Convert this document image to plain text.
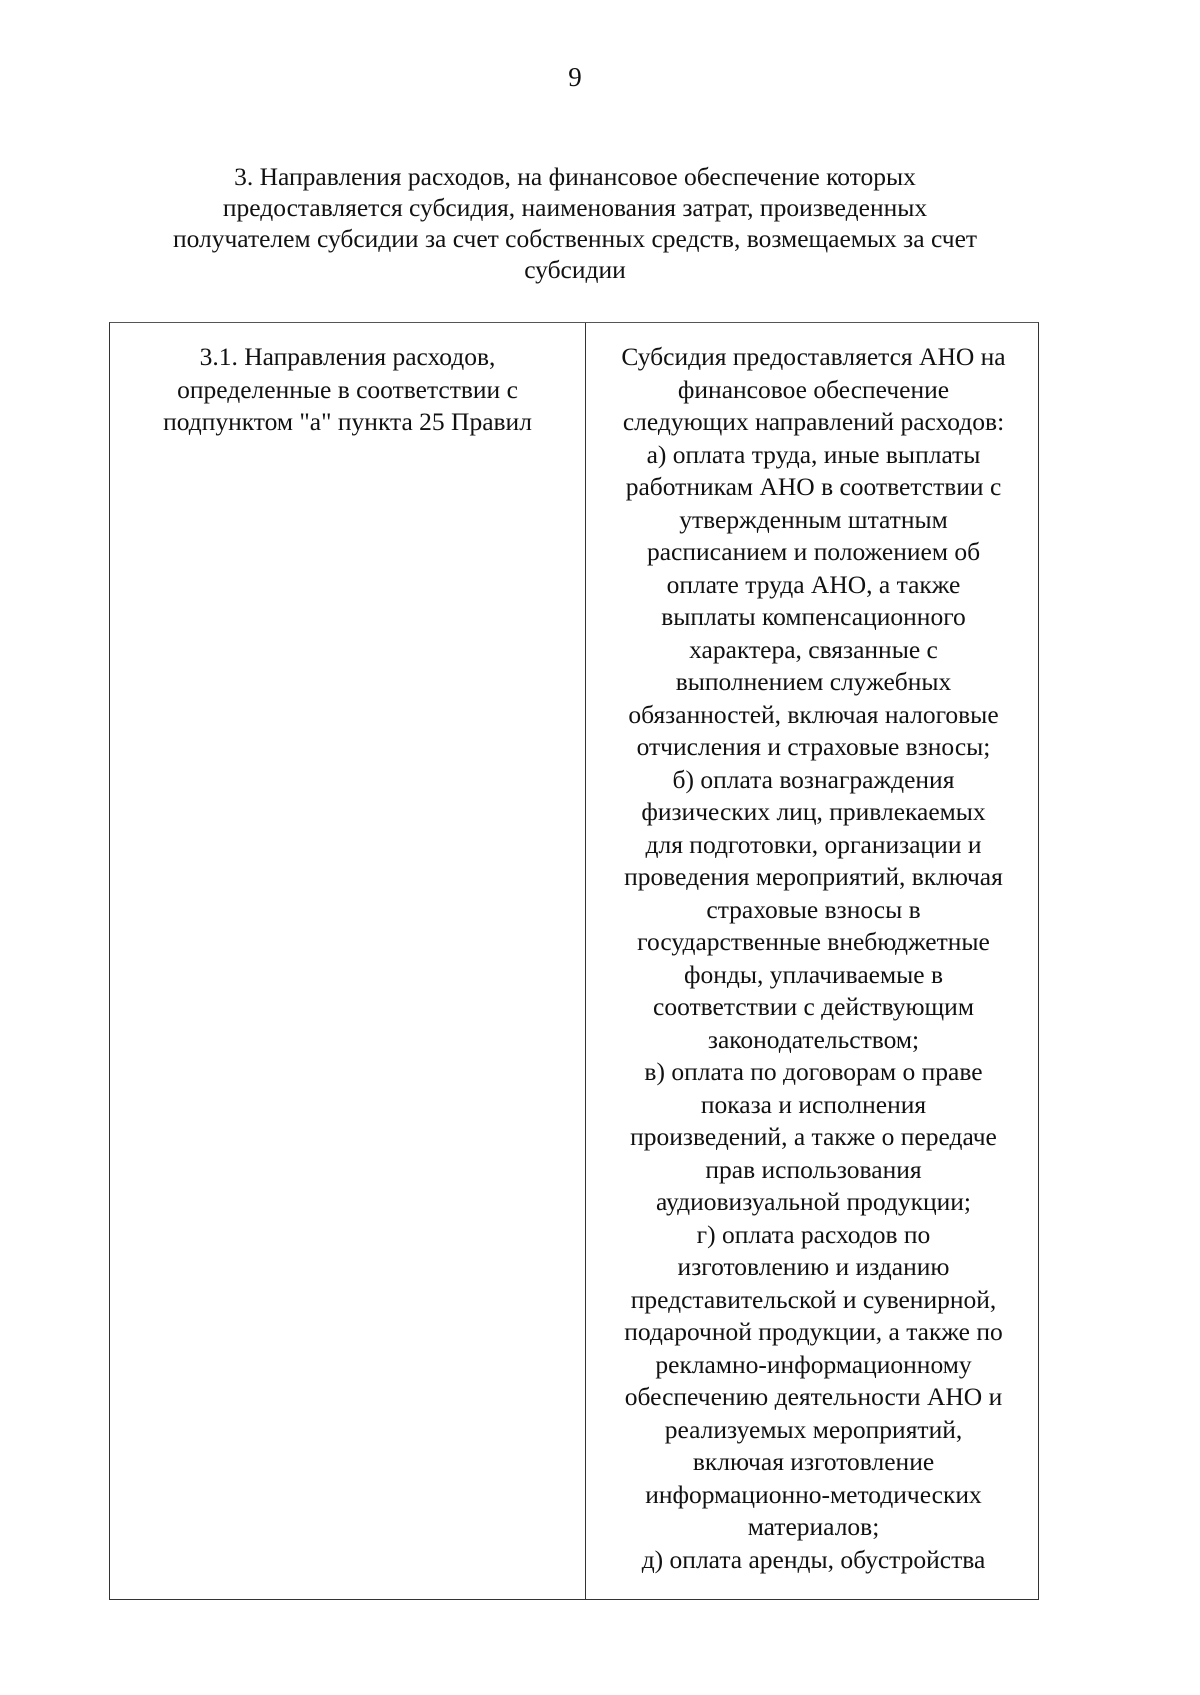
9
3. Направления расходов, на финансовое обеспечение которых
предоставляется субсидия, наименования затрат, произведенных
получателем субсидии за счет собственных средств, возмещаемых за счет
субсидии
3.1. Направления расходов,
определенные в соответствии с
подпунктом "а" пункта 25 Правил
Субсидия предоставляется АНО на
финансовое обеспечение
следующих направлений расходов:
а) оплата труда, иные выплаты
работникам АНО в соответствии с
утвержденным штатным
расписанием и положением об
оплате труда АНО, а также
выплаты компенсационного
характера, связанные с
выполнением служебных
обязанностей, включая налоговые
отчисления и страховые взносы;
б) оплата вознаграждения
физических лиц, привлекаемых
для подготовки, организации и
проведения мероприятий, включая
страховые взносы в
государственные внебюджетные
фонды, уплачиваемые в
соответствии с действующим
законодательством;
в) оплата по договорам о праве
показа и исполнения
произведений, а также о передаче
прав использования
аудиовизуальной продукции;
г) оплата расходов по
изготовлению и изданию
представительской и сувенирной,
подарочной продукции, а также по
рекламно-информационному
обеспечению деятельности АНО и
реализуемых мероприятий,
включая изготовление
информационно-методических
материалов;
д) оплата аренды, обустройства
